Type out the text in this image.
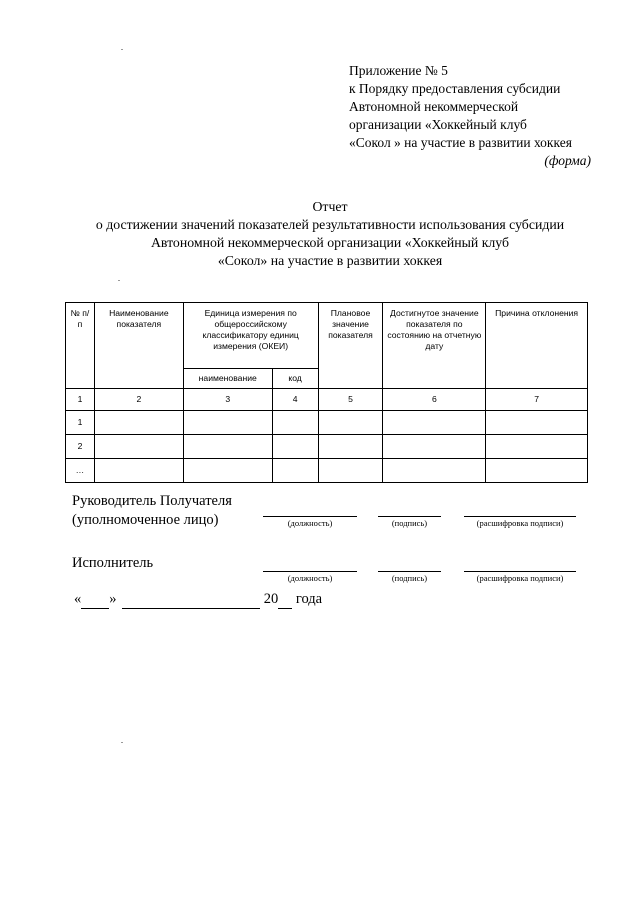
Приложение № 5
к Порядку предоставления субсидии
Автономной некоммерческой
организации «Хоккейный клуб
«Сокол » на участие в развитии хоккея
(форма)
Отчет
о достижении значений показателей результативности использования субсидии
Автономной некоммерческой организации «Хоккейный клуб
«Сокол» на участие в развитии хоккея
№ п/п	Наименование показателя	Единица измерения по общероссийскому классификатору единиц измерения (ОКЕИ)		Плановое значение показателя	Достигнутое значение показателя по состоянию на отчетную дату	Причина отклонения
		наименование	код			
1	2	3	4	5	6	7
1						
2						
…						
Руководитель Получателя
(уполномоченное лицо)	(должность)	(подпись)	(расшифровка подписи)
Исполнитель
(должность)	(подпись)	(расшифровка подписи)
« »	20 года
